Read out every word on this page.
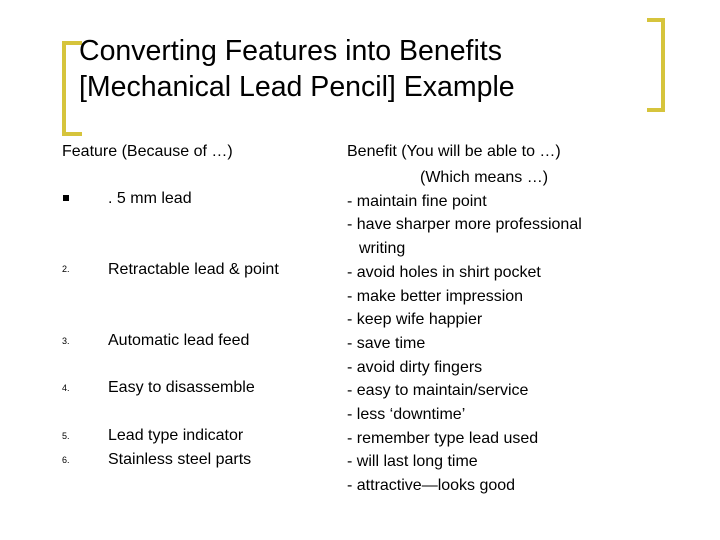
Converting Features into Benefits
[Mechanical Lead Pencil] Example
Feature (Because of …)	Benefit (You will be able to …)
. 5 mm lead
2. Retractable lead & point
3. Automatic lead feed
4. Easy to disassemble
5. Lead type indicator
6. Stainless steel parts
(Which means …)
- maintain fine point
- have sharper more professional
writing
- avoid holes in shirt pocket
- make better impression
- keep wife happier
- save time
- avoid dirty fingers
- easy to maintain/service
- less ‘downtime’
- remember type lead used
- will last long time
- attractive—looks good
